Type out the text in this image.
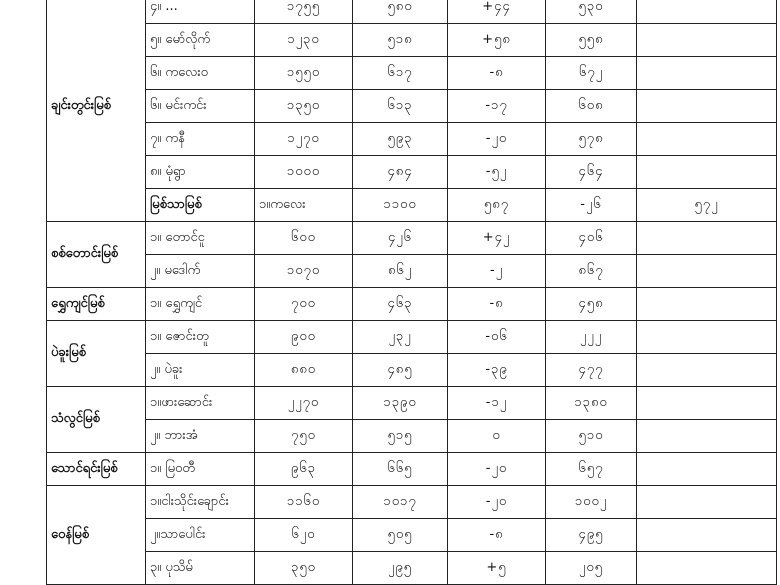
ချင်းတွင်းမြစ်	၄။ ...	၁၇၅၅	၅၈၀	+၄၄	၅၃၀		
	၅။ မော်လိုက်	၁၂၃၀	၅၁၈	+၅၈	၅၅၈		
	၆။ ကလေးဝ	၁၅၅၀	၆၁၇	-၈	၆၇၂		
	၆။ မင်းကင်း	၁၃၅၀	၆၁၃	-၁၇	၆၀၈		
	၇။ ကနီ	၁၂၇၀	၅၉၃	-၂၀	၅၇၈		
	၈။ မုံရွာ	၁၀၀၀	၄၈၄	-၅၂	၄၆၄		
	မြစ်သာမြစ်	၁။ကလေး	၁၁၀၀	၅၈၇	-၂၆	၅၇၂	
စစ်တောင်းမြစ်	၁။ တောင်ငူ	၆၀၀	၄၂၆	+၄၂	၄၀၆		
	၂။ မဒေါက်	၁၀၇၀	၈၆၂	-၂	၈၆၇		
ရွှေကျင်မြစ်	၁။ ရွှေကျင်	၇၀၀	၄၆၃	-၈	၄၅၈		
ပဲခူးမြစ်	၁။ ဇောင်းတူ	၉၀၀	၂၃၂	-၀၆	၂၂၂		
	၂။ ပဲခူး	၈၈၀	၄၈၅	-၃၉	၄၇၇		
သံလွင်မြစ်	၁။ဖားဆောင်း	၂၂၇၀	၁၃၉၀	-၁၂	၁၃၈၀		
	၂။ ဘားအံ	၇၅၀	၅၁၅	၀	၅၁၀		
သောင်ရင်းမြစ်	၁။ မြဝတီ	၉၆၃	၆၆၅	-၂၀	၆၅၇		
ဝေန်မြစ်	၁။ငါးသိုင်းချောင်း	၁၁၆၀	၁၀၁၇	-၂၀	၁၀၀၂		
	၂။သာပေါင်း	၆၂၀	၅၀၅	-၈	၄၉၅		
	၃။ ပုသိမ်	၃၅၀	၂၉၅	+၅	၂၀၅		
